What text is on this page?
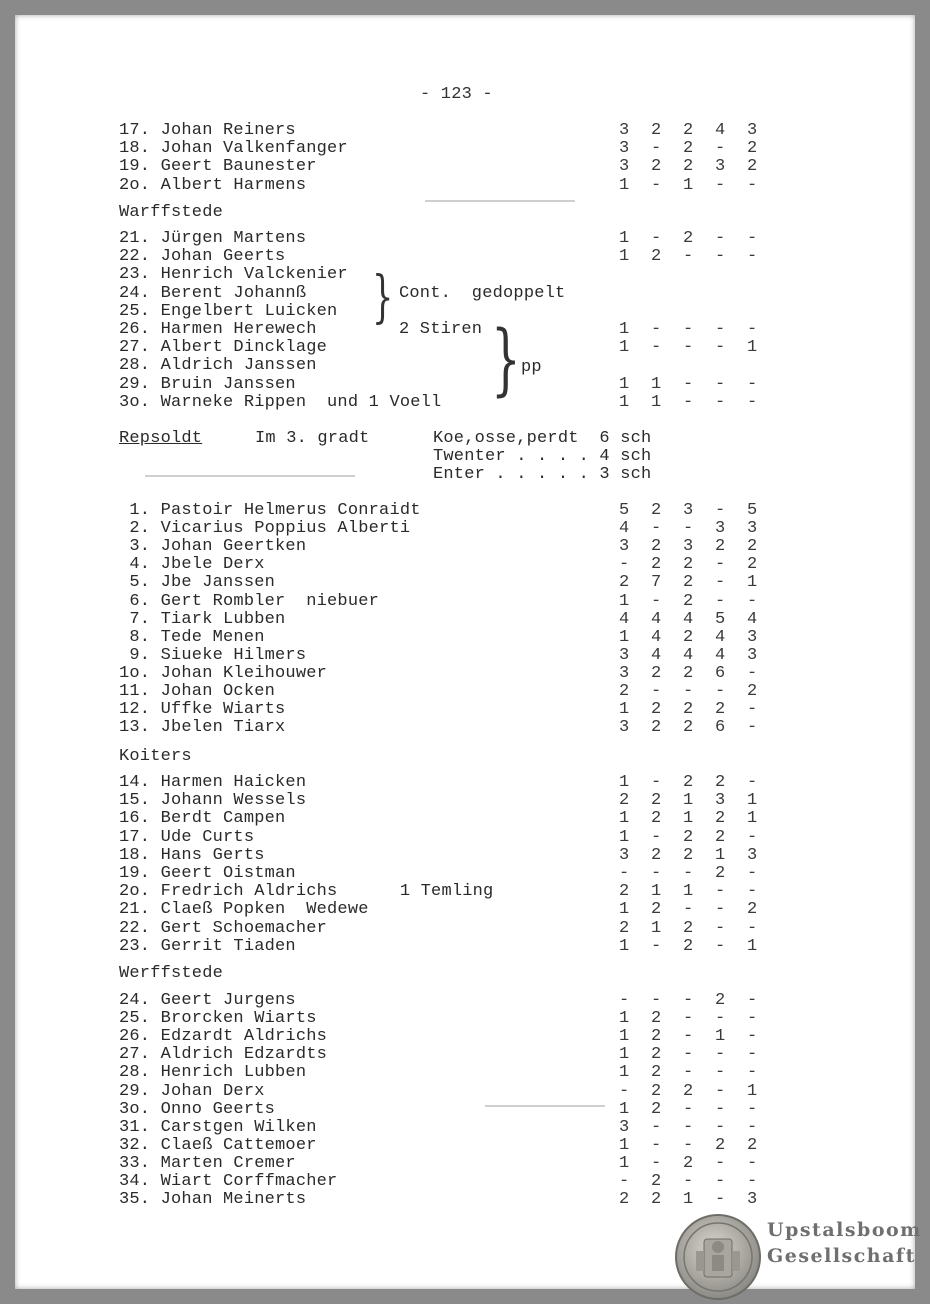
- 123 -
17. Johan Reiners	3	2	2	4	3
18. Johan Valkenfanger	3	-	2	-	2
19. Geert Baunester	3	2	2	3	2
2o. Albert Harmens	1	-	1	-	-
Warffstede
21. Jürgen Martens	1	-	2	-	-
22. Johan Geerts	1	2	-	-	-
23. Henrich Valckenier
24. Berent Johannß
25. Engelbert Luicken
26. Harmen Herewech	1	-	-	-	-
27. Albert Dincklage	1	-	-	-	1
28. Aldrich Janssen
29. Bruin Janssen	1	1	-	-	-
3o. Warneke Rippen  und 1 Voell	1	1	-	-	-
} Cont.  gedoppelt
2 Stiren } pp
Repsoldt	Im 3. gradt	Koe,osse,perdt  6 sch
Twenter . . . . 4 sch
Enter . . . . . 3 sch
1. Pastoir Helmerus Conraidt	5	2	3	-	5
2. Vicarius Poppius Alberti	4	-	-	3	3
3. Johan Geertken	3	2	3	2	2
4. Jbele Derx	-	2	2	-	2
5. Jbe Janssen	2	7	2	-	1
6. Gert Rombler  niebuer	1	-	2	-	-
7. Tiark Lubben	4	4	4	5	4
8. Tede Menen	1	4	2	4	3
9. Siueke Hilmers	3	4	4	4	3
1o. Johan Kleihouwer	3	2	2	6	-
11. Johan Ocken	2	-	-	-	2
12. Uffke Wiarts	1	2	2	2	-
13. Jbelen Tiarx	3	2	2	6	-
Koiters
14. Harmen Haicken	1	-	2	2	-
15. Johann Wessels	2	2	1	3	1
16. Berdt Campen	1	2	1	2	1
17. Ude Curts	1	-	2	2	-
18. Hans Gerts	3	2	2	1	3
19. Geert Oistman	-	-	-	2	-
2o. Fredrich Aldrichs      1 Temling	2	1	1	-	-
21. Claeß Popken  Wedewe	1	2	-	-	2
22. Gert Schoemacher	2	1	2	-	-
23. Gerrit Tiaden	1	-	2	-	1
Werffstede
24. Geert Jurgens	-	-	-	2	-
25. Brorcken Wiarts	1	2	-	-	-
26. Edzardt Aldrichs	1	2	-	1	-
27. Aldrich Edzardts	1	2	-	-	-
28. Henrich Lubben	1	2	-	-	-
29. Johan Derx	-	2	2	-	1
3o. Onno Geerts	1	2	-	-	-
31. Carstgen Wilken	3	-	-	-	-
32. Claeß Cattemoer	1	-	-	2	2
33. Marten Cremer	1	-	2	-	-
34. Wiart Corffmacher	-	2	-	-	-
35. Johan Meinerts	2	2	1	-	3
Upstalsboom
Gesellschaft
